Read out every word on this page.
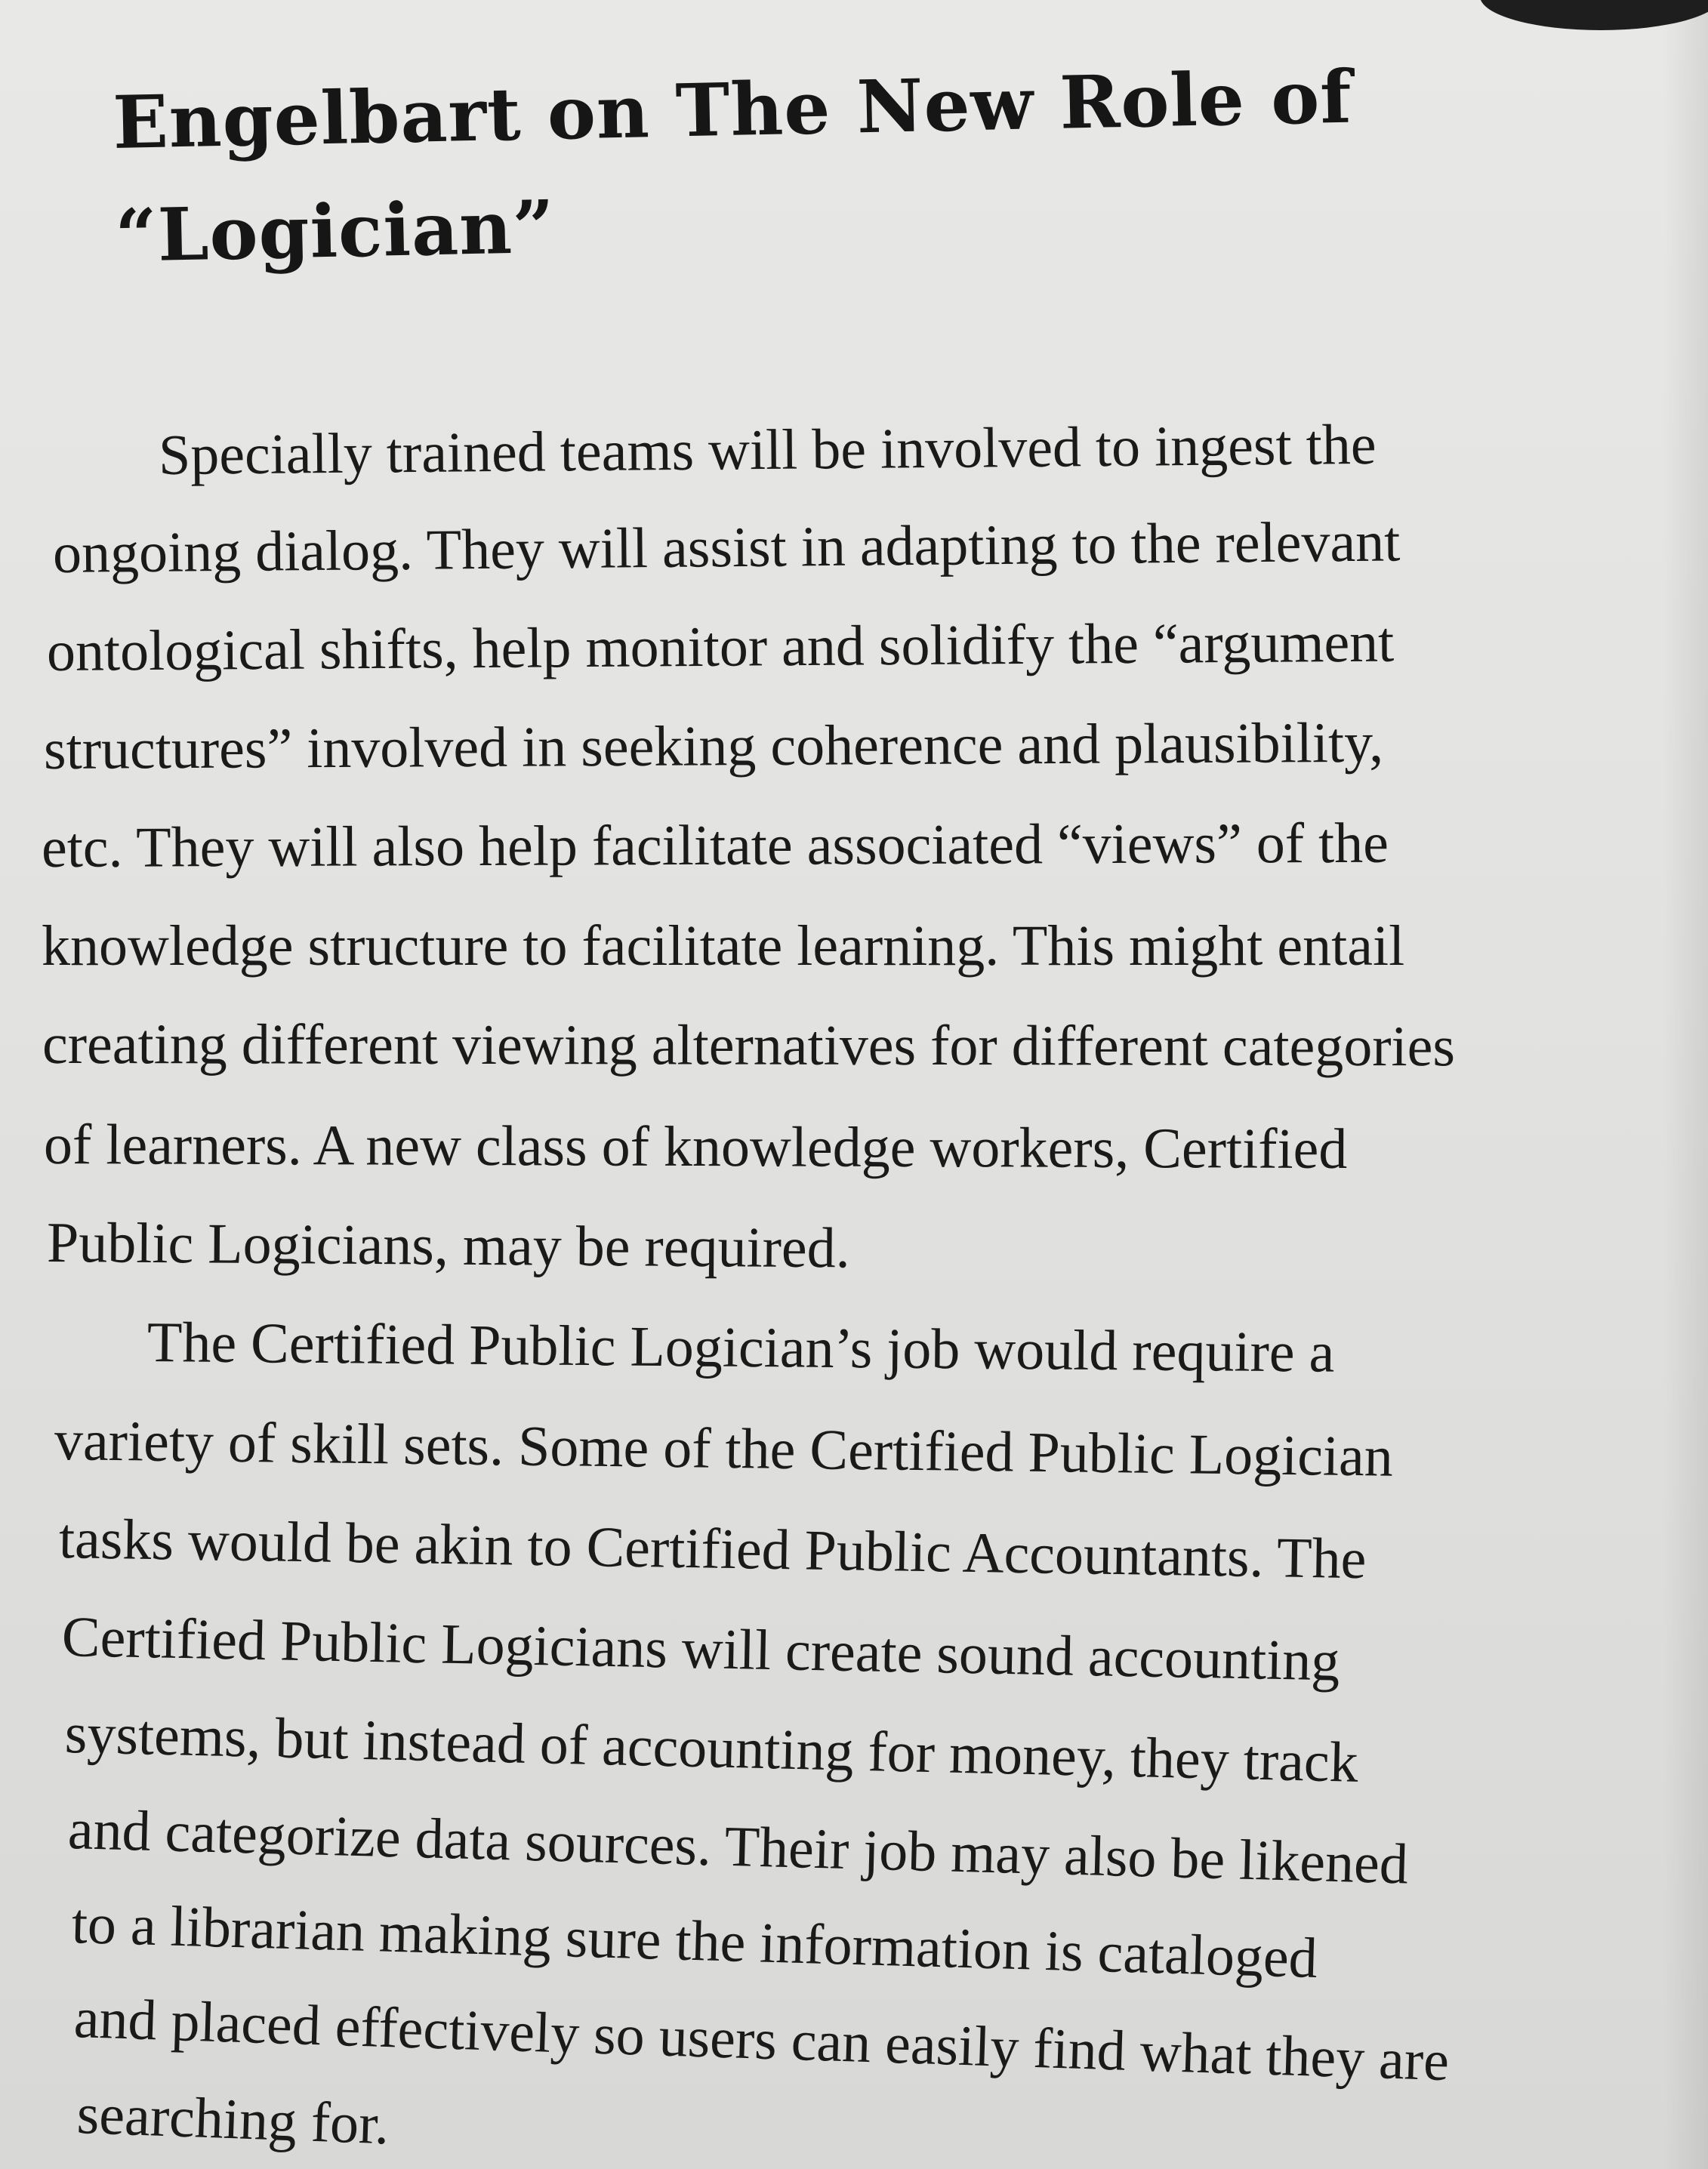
Engelbart on The New Role of
“Logician”
Specially trained teams will be involved to ingest the
ongoing dialog. They will assist in adapting to the relevant
ontological shifts, help monitor and solidify the “argument
structures” involved in seeking coherence and plausibility,
etc. They will also help facilitate associated “views” of the
knowledge structure to facilitate learning. This might entail
creating different viewing alternatives for different categories
of learners. A new class of knowledge workers, Certified
Public Logicians, may be required.
The Certified Public Logician’s job would require a
variety of skill sets. Some of the Certified Public Logician
tasks would be akin to Certified Public Accountants. The
Certified Public Logicians will create sound accounting
systems, but instead of accounting for money, they track
and categorize data sources. Their job may also be likened
to a librarian making sure the information is cataloged
and placed effectively so users can easily find what they are
searching for.
